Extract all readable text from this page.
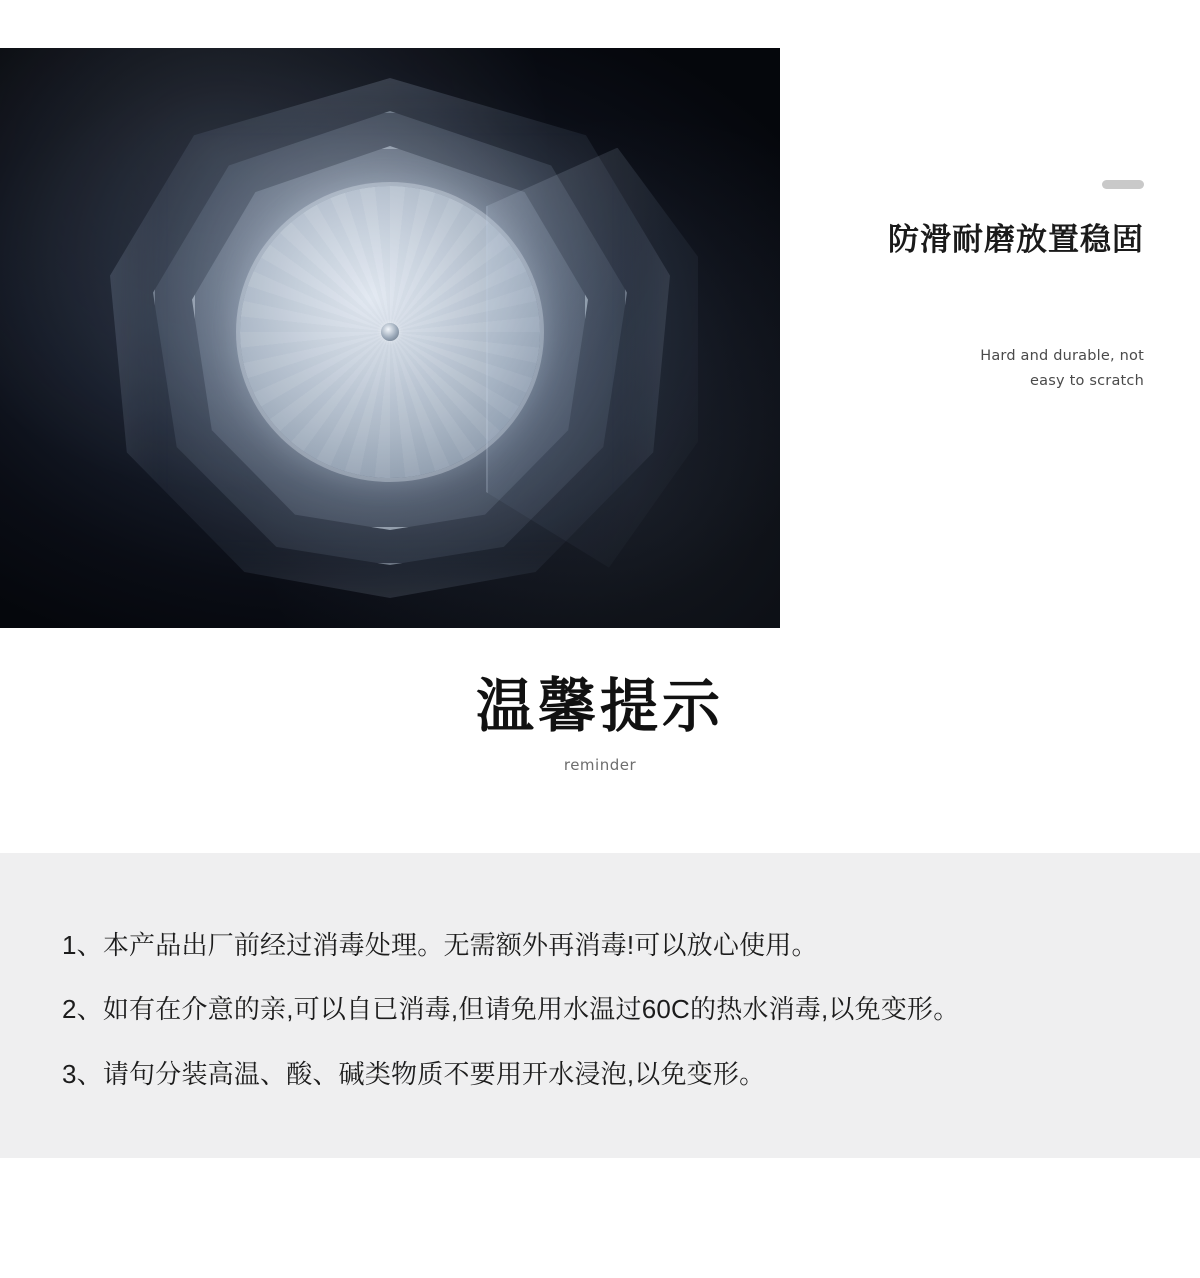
防滑耐磨放置稳固

Hard and durable, not
easy to scratch

温馨提示

reminder

1、本产品出厂前经过消毒处理。无需额外再消毒!可以放心使用。

2、如有在介意的亲,可以自已消毒,但请免用水温过60C的热水消毒,以免变形。

3、请句分装高温、酸、碱类物质不要用开水浸泡,以免变形。
